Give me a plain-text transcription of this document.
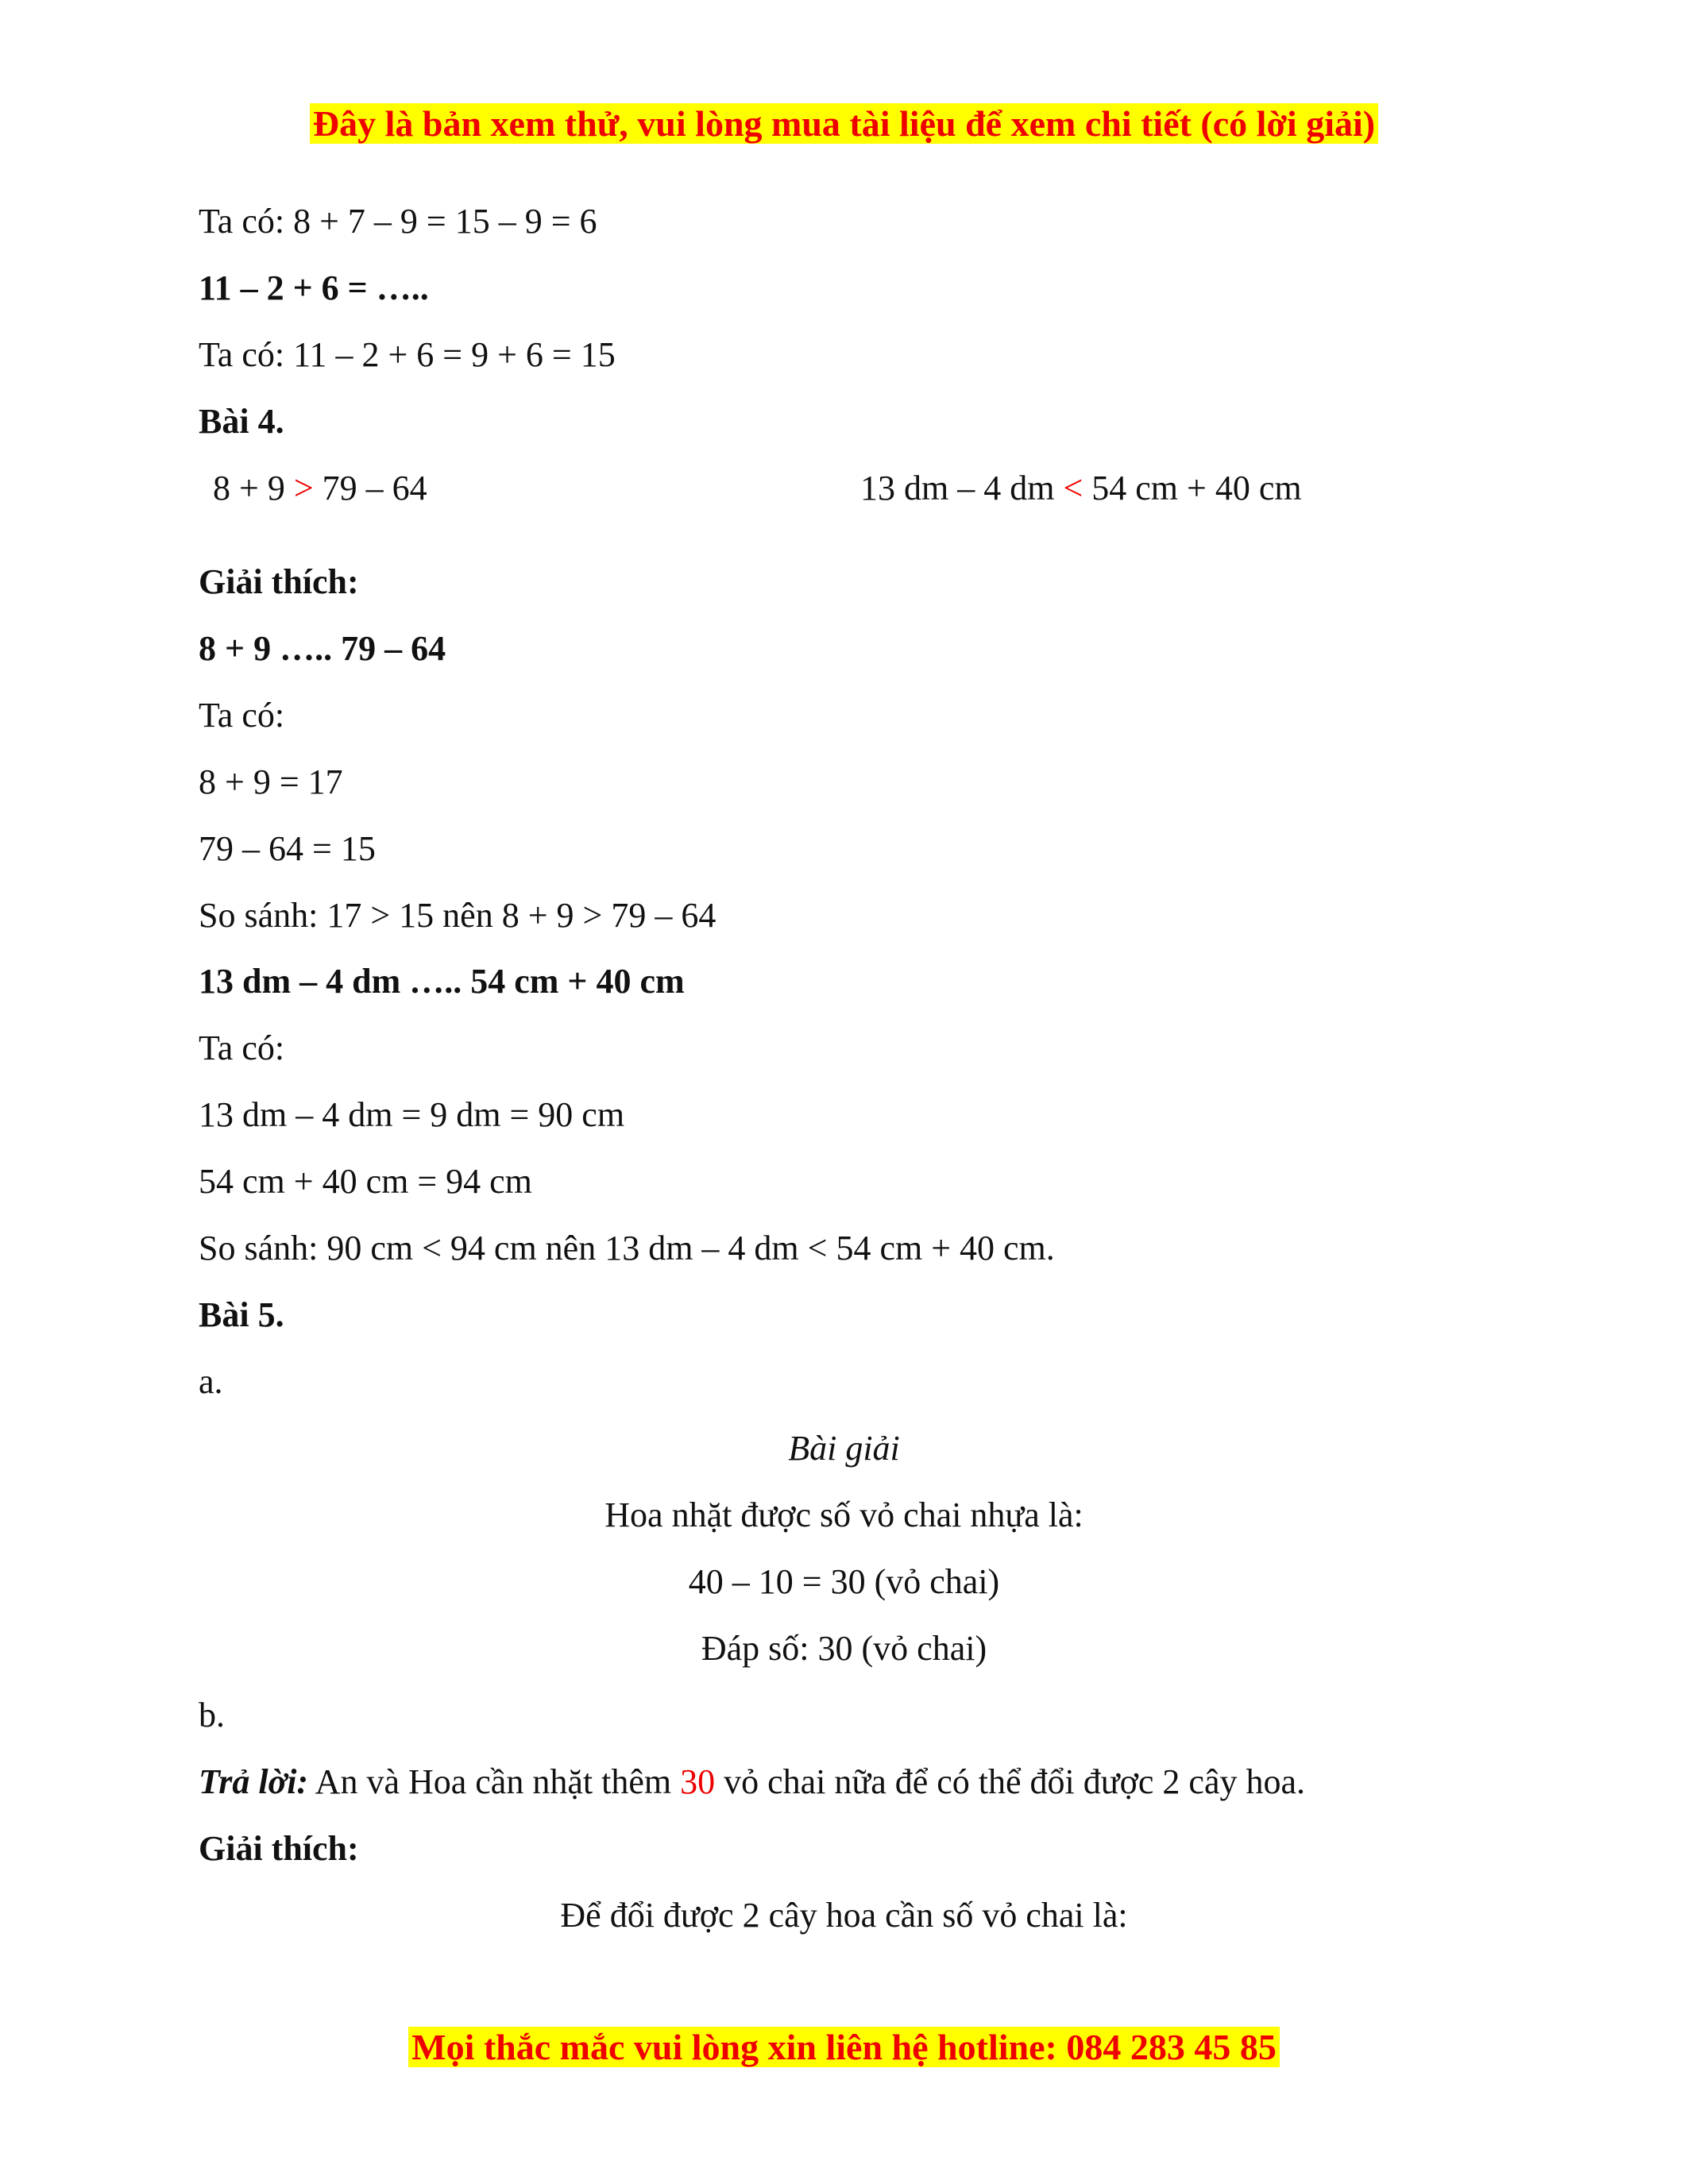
Đây là bản xem thử, vui lòng mua tài liệu để xem chi tiết (có lời giải)
Ta có: 8 + 7 – 9 = 15 – 9 = 6
11 – 2 + 6 = …..
Ta có: 11 – 2 + 6 = 9 + 6 = 15
Bài 4.
8 + 9 > 79 – 64	13 dm – 4 dm < 54 cm + 40 cm
Giải thích:
8 + 9 ….. 79 – 64
Ta có:
8 + 9 = 17
79 – 64 = 15
So sánh: 17 > 15 nên 8 + 9 > 79 – 64
13 dm – 4 dm ….. 54 cm + 40 cm
Ta có:
13 dm – 4 dm = 9 dm = 90 cm
54 cm + 40 cm = 94 cm
So sánh: 90 cm < 94 cm nên 13 dm – 4 dm < 54 cm + 40 cm.
Bài 5.
a.
Bài giải
Hoa nhặt được số vỏ chai nhựa là:
40 – 10 = 30 (vỏ chai)
Đáp số: 30 (vỏ chai)
b.
Trả lời: An và Hoa cần nhặt thêm 30 vỏ chai nữa để có thể đổi được 2 cây hoa.
Giải thích:
Để đổi được 2 cây hoa cần số vỏ chai là:
Mọi thắc mắc vui lòng xin liên hệ hotline: 084 283 45 85
